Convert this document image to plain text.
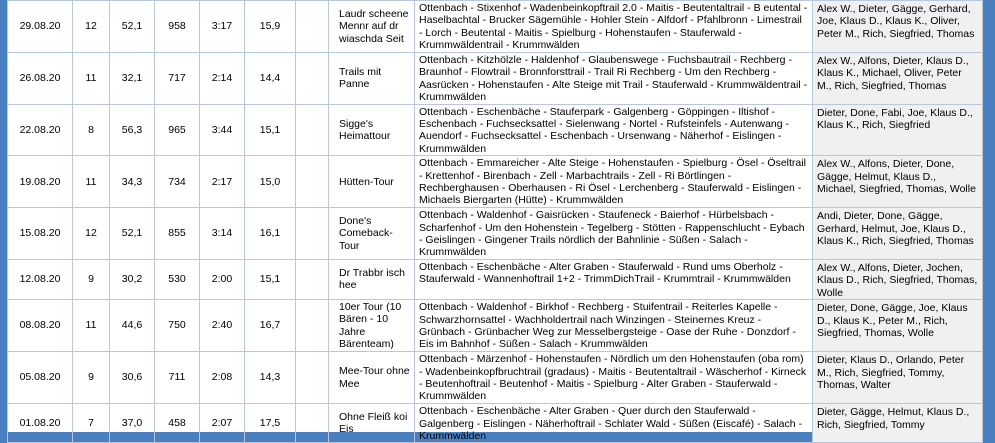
29.08.20	12	52,1	958	3:17	15,9		Laudr scheene Mennr auf dr wiaschda Seit	Ottenbach - Stixenhof - Wadenbeinkopftrail 2.0 - Maitis - Beutentaltrail - B eutental - Haselbachtal - Brucker Sägemühle - Hohler Stein - Alfdorf - Pfahlbronn - Limestrail - Lorch - Beutental - Maitis - Spielburg - Hohenstaufen - Stauferwald - Krummwäldentrail - Krummwälden	Alex W., Dieter, Gägge, Gerhard, Joe, Klaus D., Klaus K., Oliver, Peter M., Rich, Siegfried, Thomas
26.08.20	11	32,1	717	2:14	14,4		Trails mit Panne	Ottenbach - Kitzhölzle - Haldenhof - Glaubenswege - Fuchsbautrail - Rechberg - Braunhof - Flowtrail - Bronnforsttrail - Trail Ri Rechberg - Um den Rechberg - Aasrücken - Hohenstaufen - Alte Steige mit Trail - Stauferwald - Krummwäldentrail - Krummwälden	Alex W., Alfons, Dieter, Klaus D., Klaus K., Michael, Oliver, Peter M., Rich, Siegfried, Thomas
22.08.20	8	56,3	965	3:44	15,1		Sigge's Heimattour	Ottenbach - Eschenbäche - Stauferpark - Galgenberg - Göppingen - Iltishof - Eschenbach - Fuchsecksattel - Sielenwang - Nortel - Rufsteinfels - Autenwang - Auendorf - Fuchsecksattel - Eschenbach - Ursenwang - Näherhof - Eislingen - Krummwälden	Dieter, Done, Fabi, Joe, Klaus D., Klaus K., Rich, Siegfried
19.08.20	11	34,3	734	2:17	15,0		Hütten-Tour	Ottenbach - Emmareicher - Alte Steige - Hohenstaufen - Spielburg - Ösel - Öseltrail - Krettenhof - Birenbach - Zell - Marbachtrails - Zell - Ri Börtlingen - Rechberghausen - Oberhausen - Ri Ösel - Lerchenberg - Stauferwald - Eislingen - Michaels Biergarten (Hütte) - Krummwälden	Alex W., Alfons, Dieter, Done, Gägge, Helmut, Klaus D., Michael, Siegfried, Thomas, Wolle
15.08.20	12	52,1	855	3:14	16,1		Done's Comeback-Tour	Ottenbach - Waldenhof - Gaisrücken - Staufeneck - Baierhof - Hürbelsbach - Scharfenhof - Um den Hohenstein - Tegelberg - Stötten - Rappenschlucht - Eybach - Geislingen - Gingener Trails nördlich der Bahnlinie - Süßen - Salach - Krummwälden	Andi, Dieter, Done, Gägge, Gerhard, Helmut, Joe, Klaus D., Klaus K., Rich, Siegfried, Thomas
12.08.20	9	30,2	530	2:00	15,1		Dr Trabbr isch hee	Ottenbach - Eschenbäche - Alter Graben - Stauferwald - Rund ums Oberholz - Stauferwald - Wannenhoftrail 1+2 - TrimmDichTrail - Krummtrail - Krummwälden	Alex W., Alfons, Dieter, Jochen, Klaus D., Rich, Siegfried, Thomas, Wolle
08.08.20	11	44,6	750	2:40	16,7		10er Tour (10 Bären - 10 Jahre Bärenteam)	Ottenbach - Waldenhof - Birkhof - Rechberg - Stuifentrail - Reiterles Kapelle - Schwarzhornsattel - Wachholdertrail nach Winzingen - Steinernes Kreuz - Grünbach - Grünbacher Weg zur Messelbergsteige - Oase der Ruhe - Donzdorf - Eis im Bahnhof - Süßen - Salach - Krummwälden	Dieter, Done, Gägge, Joe, Klaus D., Klaus K., Peter M., Rich, Siegfried, Thomas, Wolle
05.08.20	9	30,6	711	2:08	14,3		Mee-Tour ohne Mee	Ottenbach - Märzenhof - Hohenstaufen - Nördlich um den Hohenstaufen (oba rom) - Wadenbeinkopfbruchtrail (gradaus) - Maitis - Beutentaltrail - Wäscherhof - Kirneck - Beutenhoftrail - Beutenhof - Maitis - Spielburg - Alter Graben - Stauferwald - Krummwälden	Dieter, Klaus D., Orlando, Peter M., Rich, Siegfried, Tommy, Thomas, Walter
01.08.20	7	37,0	458	2:07	17,5		Ohne Fleiß koi Eis	Ottenbach - Eschenbäche - Alter Graben - Quer durch den Stauferwald - Galgenberg - Eislingen - Näherhoftrail - Schlater Wald - Süßen (Eiscafé) - Salach - Krummwälden	Dieter, Gägge, Helmut, Klaus D., Rich, Siegfried, Tommy
